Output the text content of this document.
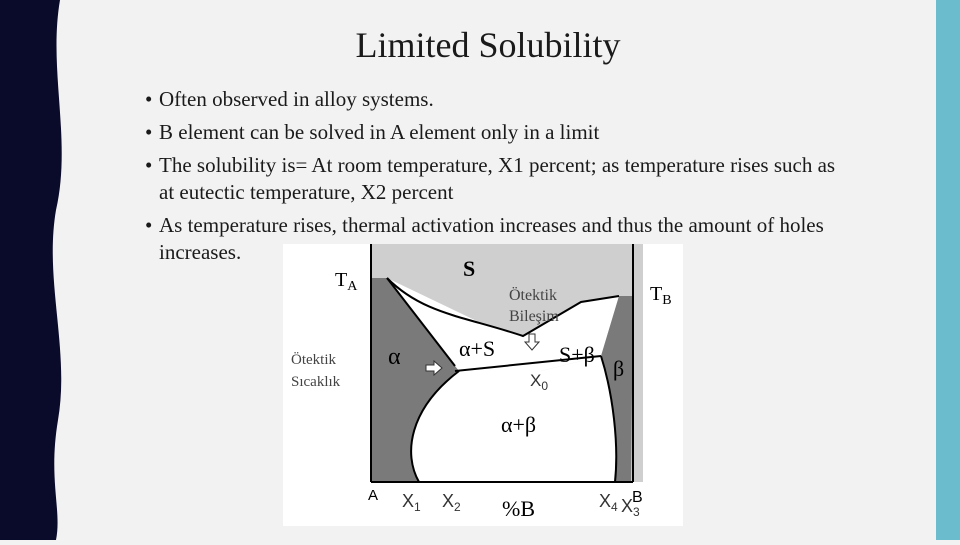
Limited Solubility
• Often observed in alloy systems.
• B element can be solved in A element only in a limit
• The solubility is= At room temperature, X1 percent; as temperature rises such as at eutectic temperature, X2 percent
• As temperature rises, thermal activation increases and thus the amount of holes increases.
$T_A$
S
Ötektik
Bileşim
$T_B$
Ötektik
Sıcaklık
α	α+S	S+β
β
$X_0$
α+β
A $X_1$ $X_2$ %B	$X_4$ $X_3$
B
